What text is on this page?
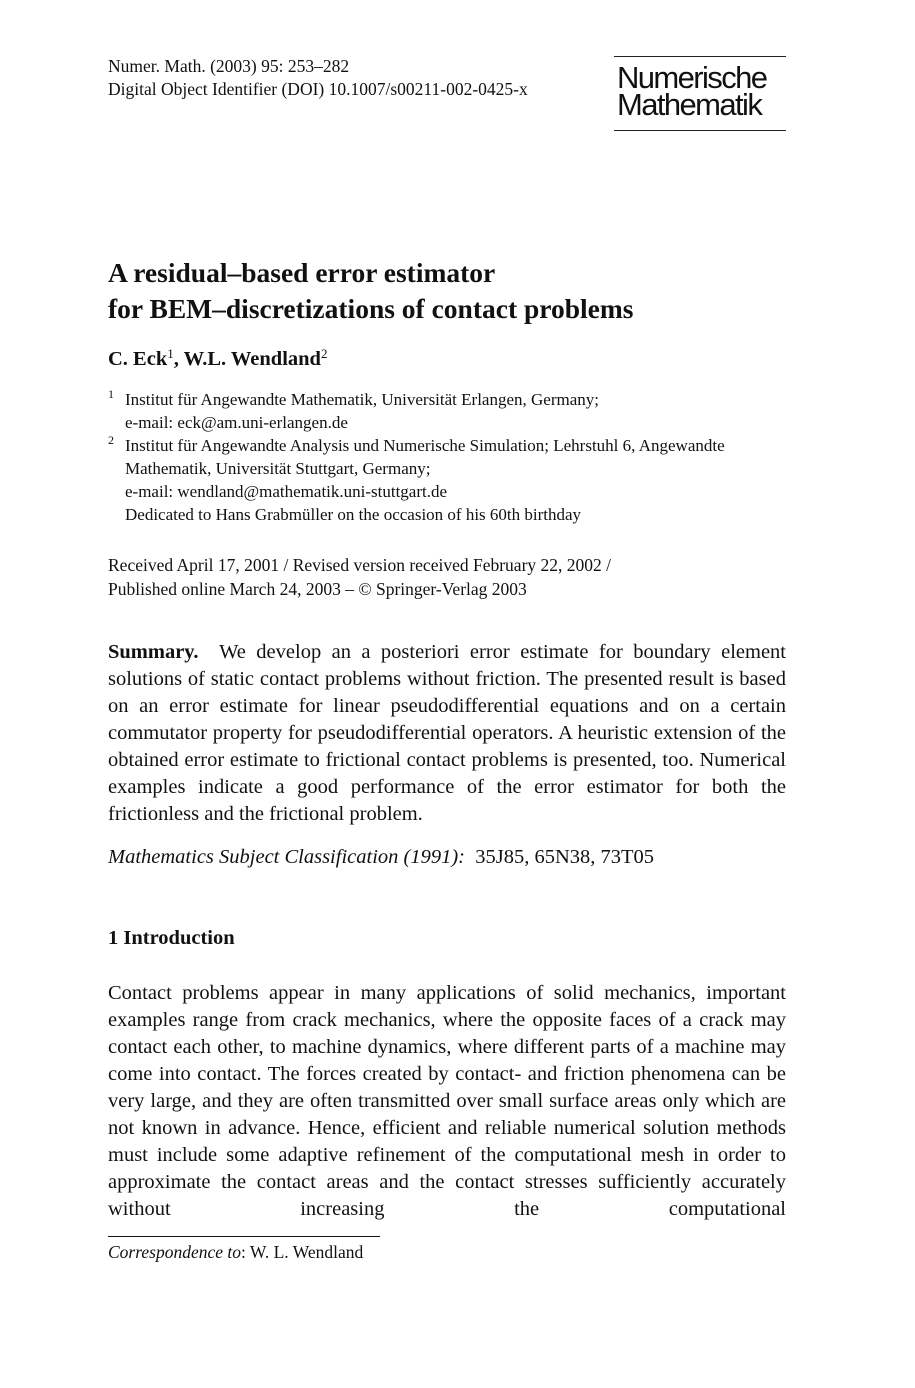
Numer. Math. (2003) 95: 253–282
Digital Object Identifier (DOI) 10.1007/s00211-002-0425-x	Numerische
Mathematik
A residual–based error estimator
for BEM–discretizations of contact problems
C. Eck$^1$, W.L. Wendland$^2$
1 Institut für Angewandte Mathematik, Universität Erlangen, Germany;
e-mail: eck@am.uni-erlangen.de
2 Institut für Angewandte Analysis und Numerische Simulation; Lehrstuhl 6, Angewandte
Mathematik, Universität Stuttgart, Germany;
e-mail: wendland@mathematik.uni-stuttgart.de
Dedicated to Hans Grabmüller on the occasion of his 60th birthday
Received April 17, 2001 / Revised version received February 22, 2002 /
Published online March 24, 2003 – © Springer-Verlag 2003
Summary. We develop an a posteriori error estimate for boundary element solutions of static contact problems without friction. The presented result is based on an error estimate for linear pseudodifferential equations and on a certain commutator property for pseudodifferential operators. A heuristic extension of the obtained error estimate to frictional contact problems is presented, too. Numerical examples indicate a good performance of the error estimator for both the frictionless and the frictional problem.
Mathematics Subject Classification (1991): 35J85, 65N38, 73T05
1 Introduction
Contact problems appear in many applications of solid mechanics, important examples range from crack mechanics, where the opposite faces of a crack may contact each other, to machine dynamics, where different parts of a machine may come into contact. The forces created by contact- and friction phenomena can be very large, and they are often transmitted over small surface areas only which are not known in advance. Hence, efficient and reliable numerical solution methods must include some adaptive refinement of the computational mesh in order to approximate the contact areas and the contact stresses sufficiently accurately without increasing the computational
Correspondence to: W. L. Wendland
